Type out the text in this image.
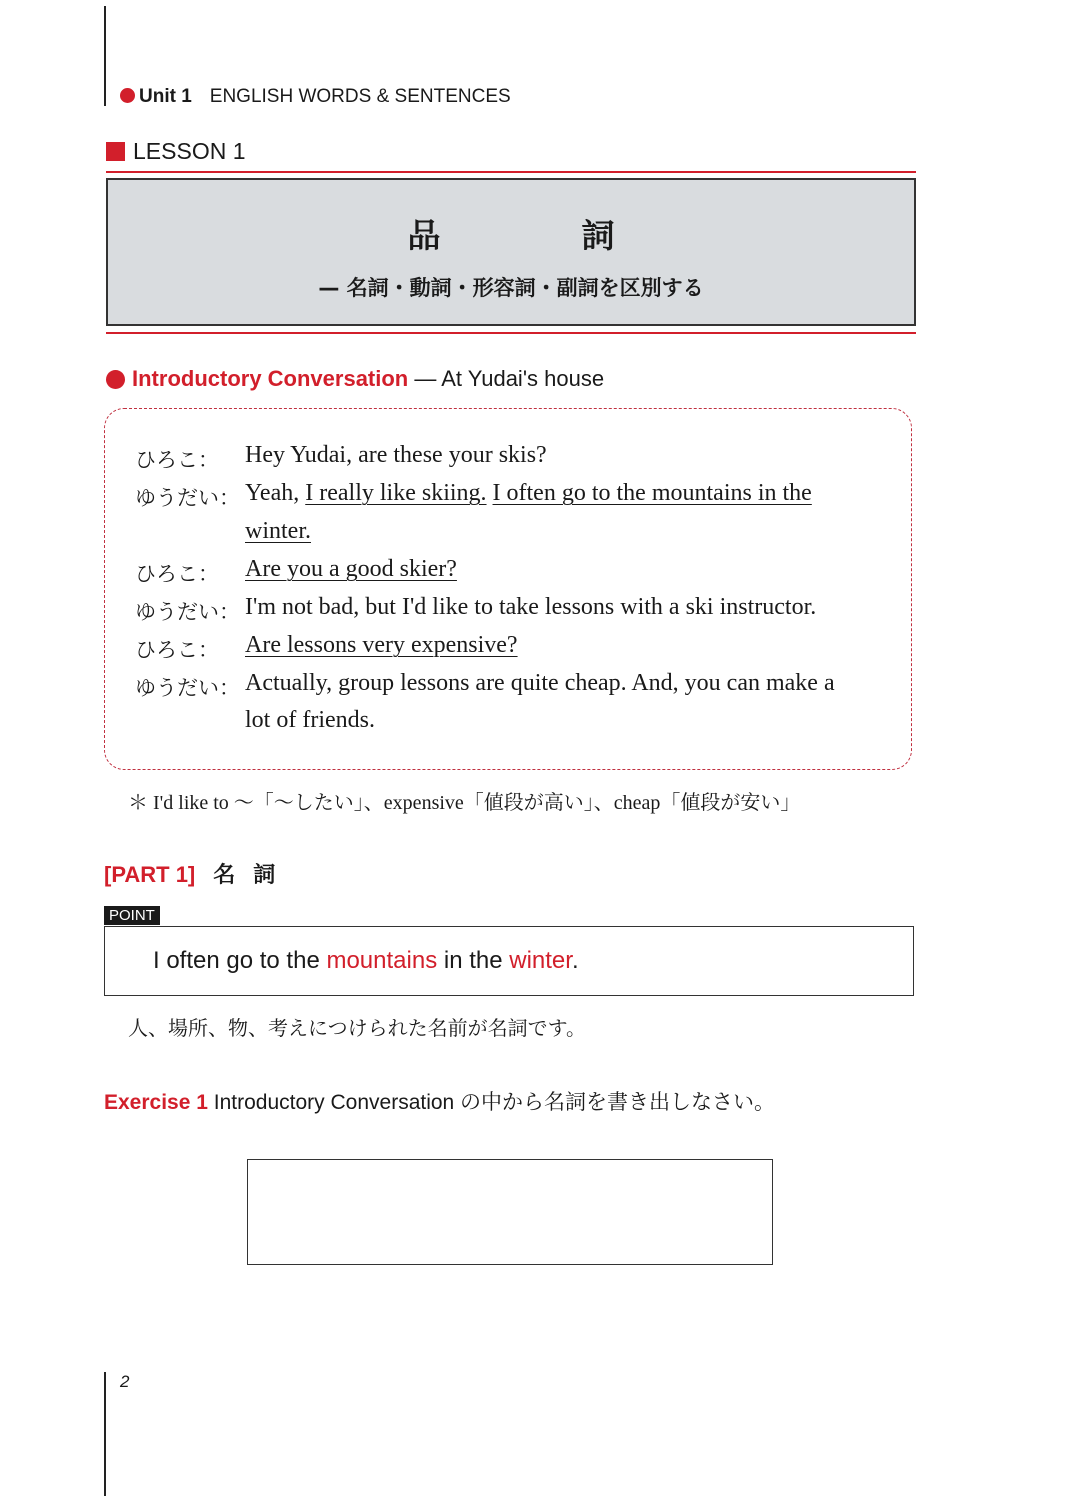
Unit 1 ENGLISH WORDS & SENTENCES
LESSON 1
品　詞
— 名詞・動詞・形容詞・副詞を区別する
Introductory Conversation — At Yudai's house
ひろこ： Hey Yudai, are these your skis?
ゆうだい： Yeah, I really like skiing. I often go to the mountains in the
winter.
ひろこ： Are you a good skier?
ゆうだい： I'm not bad, but I'd like to take lessons with a ski instructor.
ひろこ： Are lessons very expensive?
ゆうだい： Actually, group lessons are quite cheap. And, you can make a
lot of friends.
＊ I'd like to ～「～したい」、expensive「値段が高い」、cheap「値段が安い」
[PART 1] 名詞
POINT
I often go to the mountains in the winter.
人、場所、物、考えにつけられた名前が名詞です。
Exercise 1 Introductory Conversation の中から名詞を書き出しなさい。
2
